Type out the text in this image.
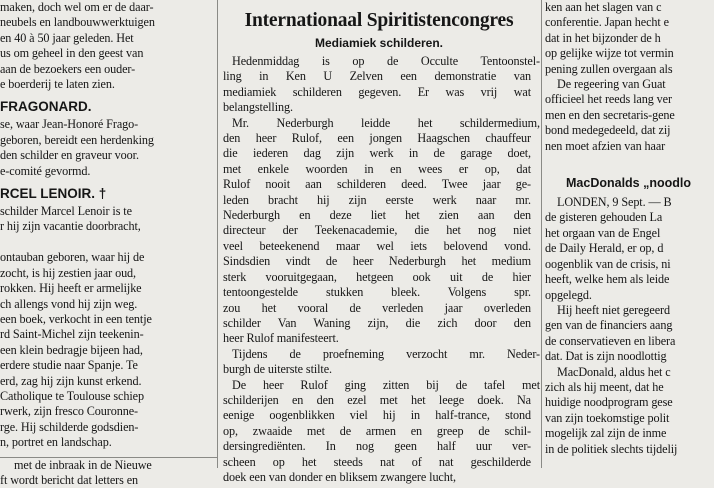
maken, doch wel om er de daar-
neubels en landbouwwerktuigen
en 40 à 50 jaar geleden. Het
us om geheel in den geest van
aan de bezoekers een ouder-
e boerderij te laten zien.
FRAGONARD.
se, waar Jean-Honoré Frago-
geboren, bereidt een herdenking
den schilder en graveur voor.
e-comité gevormd.
RCEL LENOIR. †
schilder Marcel Lenoir is te
r hij zijn vacantie doorbracht,

ontauban geboren, waar hij de
zocht, is hij zestien jaar oud,
rokken. Hij heeft er armelijke
ch allengs vond hij zijn weg.
een boek, verkocht in een tentje
rd Saint-Michel zijn teekenin-
een klein bedragje bijeen had,
erdere studie naar Spanje. Te
erd, zag hij zijn kunst erkend.
Catholique te Toulouse schiep
rwerk, zijn fresco Couronne-
rge. Hij schilderde godsdien-
n, portret en landschap.
met de inbraak in de Nieuwe
ft wordt bericht dat letters en
Internationaal Spiritistencongres
Mediamiek schilderen.
Hedenmiddag is op de Occulte Tentoonstel-
ling in Ken U Zelven een demonstratie van
mediamiek schilderen gegeven. Er was vrij wat
belangstelling.
Mr. Nederburgh leidde het schildermedium,
den heer Rulof, een jongen Haagschen chauffeur
die iederen dag zijn werk in de garage doet,
met enkele woorden in en wees er op, dat
Rulof nooit aan schilderen deed. Twee jaar ge-
leden bracht hij zijn eerste werk naar mr.
Nederburgh en deze liet het zien aan den
directeur der Teekenacademie, die het nog niet
veel beteekenend maar wel iets belovend vond.
Sindsdien vindt de heer Nederburgh het medium
sterk vooruitgegaan, hetgeen ook uit de hier
tentoongestelde stukken bleek. Volgens spr.
zou het vooral de verleden jaar overleden
schilder Van Waning zijn, die zich door den
heer Rulof manifesteert.
Tijdens de proefneming verzocht mr. Neder-
burgh de uiterste stilte.
De heer Rulof ging zitten bij de tafel met
schilderijen en den ezel met het leege doek. Na
eenige oogenblikken viel hij in half-trance, stond
op, zwaaide met de armen en greep de schil-
dersingrediënten. In nog geen half uur ver-
scheen op het steeds nat of nat geschilderde
doek een van donder en bliksem zwangere lucht,
ken aan het slagen van c
conferentie. Japan hecht e
dat in het bijzonder de h
op gelijke wijze tot vermin
pening zullen overgaan als
De regeering van Guat
officieel het reeds lang ver
men en den secretaris-gene
bond medegedeeld, dat zij
nen moet afzien van haar
MacDonalds „noodlo
LONDEN, 9 Sept. — B
de gisteren gehouden La
het orgaan van de Engel
de Daily Herald, er op, d
oogenblik van de crisis, ni
heeft, welke hem als leide
opgelegd.
Hij heeft niet geregeerd
gen van de financiers aang
de conservatieven en libera
dat. Dat is zijn noodlottig
MacDonald, aldus het c
zich als hij meent, dat he
huidige noodprogram gese
van zijn toekomstige polit
mogelijk zal zijn de inme
in de politiek slechts tijdelij
